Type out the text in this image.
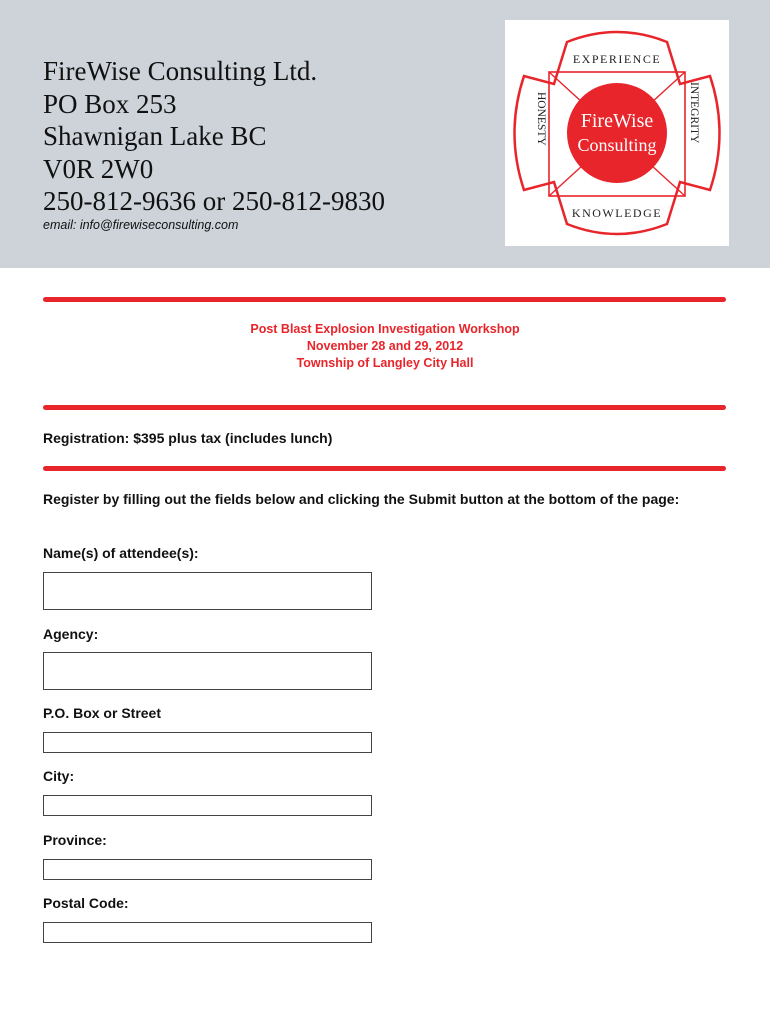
FireWise Consulting Ltd.
PO Box 253
Shawnigan Lake BC
V0R 2W0
250-812-9636 or 250-812-9830
email: info@firewiseconsulting.com
FireWise
Consulting
EXPERIENCE
KNOWLEDGE
HONESTY	INTEGRITY
Post Blast Explosion Investigation Workshop
November 28 and 29, 2012
Township of Langley City Hall
Registration: $395 plus tax (includes lunch)
Register by filling out the fields below and clicking the Submit button at the bottom of the page:
Name(s) of attendee(s):
Agency:
P.O. Box or Street
City:
Province:
Postal Code:
